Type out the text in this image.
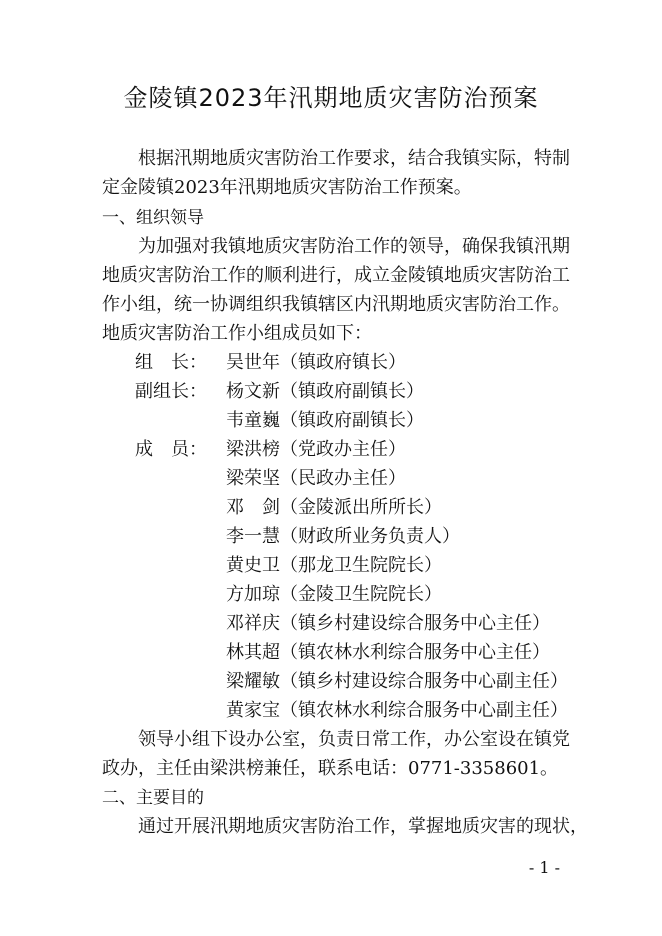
金陵镇2023年汛期地质灾害防治预案
　　根据汛期地质灾害防治工作要求，结合我镇实际，特制
定金陵镇2023年汛期地质灾害防治工作预案。
一、组织领导
　　为加强对我镇地质灾害防治工作的领导，确保我镇汛期
地质灾害防治工作的顺利进行，成立金陵镇地质灾害防治工
作小组，统一协调组织我镇辖区内汛期地质灾害防治工作。
地质灾害防治工作小组成员如下：
组　长： 吴世年（镇政府镇长）
副组长： 杨文新（镇政府副镇长）
韦童巍（镇政府副镇长）
成　员： 梁洪榜（党政办主任）
梁荣坚（民政办主任）
邓　剑（金陵派出所所长）
李一慧（财政所业务负责人）
黄史卫（那龙卫生院院长）
方加琼（金陵卫生院院长）
邓祥庆（镇乡村建设综合服务中心主任）
林其超（镇农林水利综合服务中心主任）
梁耀敏（镇乡村建设综合服务中心副主任）
黄家宝（镇农林水利综合服务中心副主任）
　　领导小组下设办公室，负责日常工作，办公室设在镇党
政办，主任由梁洪榜兼任，联系电话：0771-3358601。
二、主要目的
　　通过开展汛期地质灾害防治工作，掌握地质灾害的现状，
- 1 -
